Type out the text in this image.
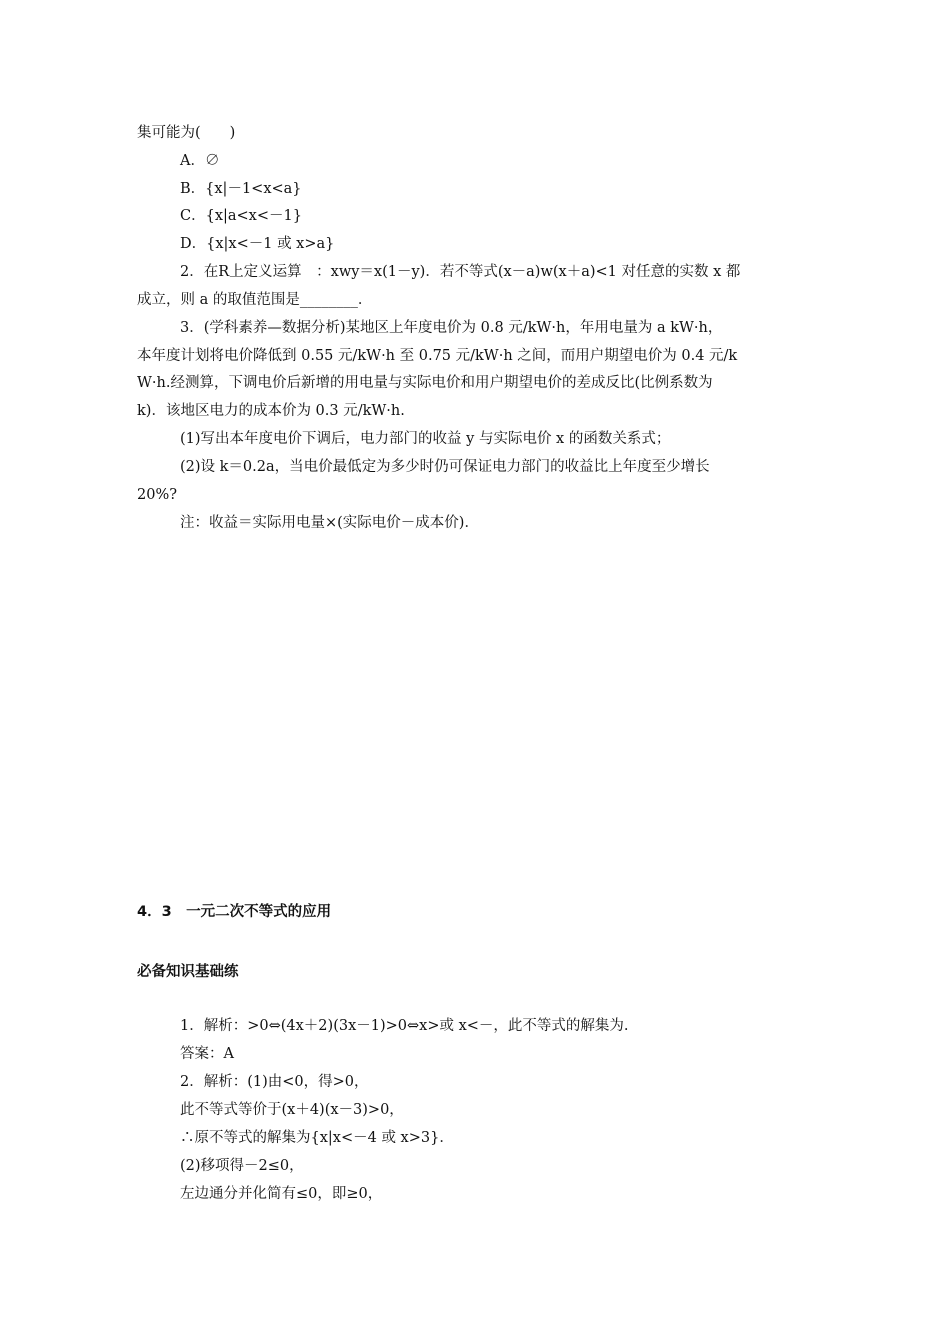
集可能为(　　)
A．∅
B．{x|－1<x<a}
C．{x|a<x<－1}
D．{x|x<－1 或 x>a}
2．在R上定义运算　：xwy＝x(1－y)．若不等式(x－a)w(x＋a)<1 对任意的实数 x 都
成立，则 a 的取值范围是________．
3．(学科素养—数据分析)某地区上年度电价为 0.8 元/kW·h，年用电量为 a kW·h，
本年度计划将电价降低到 0.55 元/kW·h 至 0.75 元/kW·h 之间，而用户期望电价为 0.4 元/k
W·h.经测算，下调电价后新增的用电量与实际电价和用户期望电价的差成反比(比例系数为
k)．该地区电力的成本价为 0.3 元/kW·h.
(1)写出本年度电价下调后，电力部门的收益 y 与实际电价 x 的函数关系式；
(2)设 k＝0.2a，当电价最低定为多少时仍可保证电力部门的收益比上年度至少增长
20%?
注：收益＝实际用电量×(实际电价－成本价)．
4．3　一元二次不等式的应用
必备知识基础练
1．解析：>0⇔(4x＋2)(3x－1)>0⇔x>或 x<－，此不等式的解集为.
答案：A
2．解析：(1)由<0，得>0，
此不等式等价于(x＋4)(x－3)>0，
∴原不等式的解集为{x|x<－4 或 x>3}．
(2)移项得－2≤0，
左边通分并化简有≤0，即≥0，
